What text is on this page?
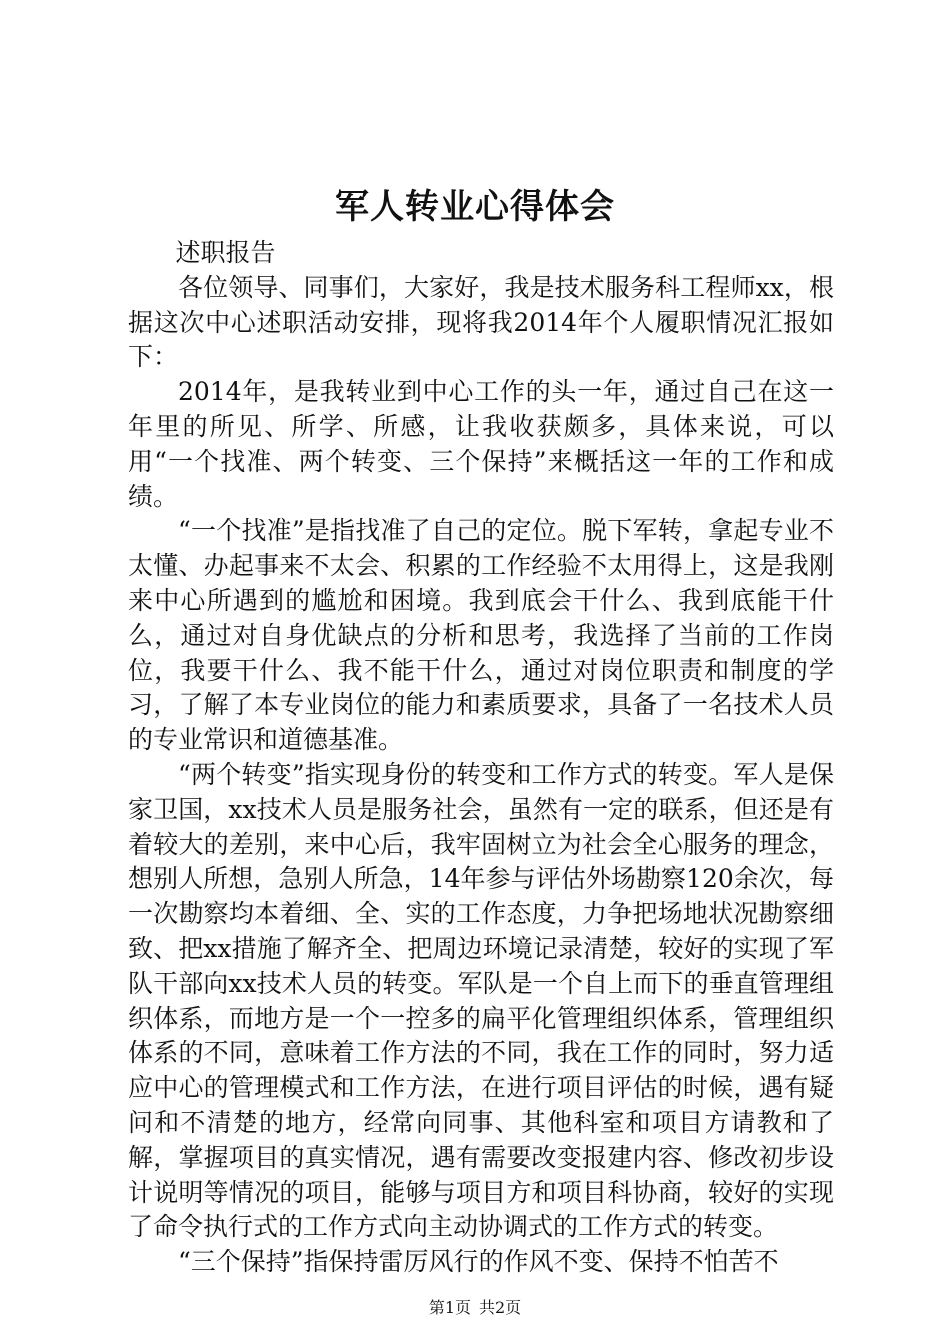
军人转业心得体会

述职报告

各位领导、同事们，大家好，我是技术服务科工程师xx，根据这次中心述职活动安排，现将我2014年个人履职情况汇报如下：

2014年，是我转业到中心工作的头一年，通过自己在这一年里的所见、所学、所感，让我收获颇多，具体来说，可以用“一个找准、两个转变、三个保持”来概括这一年的工作和成绩。

“一个找准”是指找准了自己的定位。脱下军转，拿起专业不太懂、办起事来不太会、积累的工作经验不太用得上，这是我刚来中心所遇到的尴尬和困境。我到底会干什么、我到底能干什么，通过对自身优缺点的分析和思考，我选择了当前的工作岗位，我要干什么、我不能干什么，通过对岗位职责和制度的学习，了解了本专业岗位的能力和素质要求，具备了一名技术人员的专业常识和道德基准。

“两个转变”指实现身份的转变和工作方式的转变。军人是保家卫国，xx技术人员是服务社会，虽然有一定的联系，但还是有着较大的差别，来中心后，我牢固树立为社会全心服务的理念，想别人所想，急别人所急，14年参与评估外场勘察120余次，每一次勘察均本着细、全、实的工作态度，力争把场地状况勘察细致、把xx措施了解齐全、把周边环境记录清楚，较好的实现了军队干部向xx技术人员的转变。军队是一个自上而下的垂直管理组织体系，而地方是一个一控多的扁平化管理组织体系，管理组织体系的不同，意味着工作方法的不同，我在工作的同时，努力适应中心的管理模式和工作方法，在进行项目评估的时候，遇有疑问和不清楚的地方，经常向同事、其他科室和项目方请教和了解，掌握项目的真实情况，遇有需要改变报建内容、修改初步设计说明等情况的项目，能够与项目方和项目科协商，较好的实现了命令执行式的工作方式向主动协调式的工作方式的转变。

“三个保持”指保持雷厉风行的作风不变、保持不怕苦不

第1页 共2页
